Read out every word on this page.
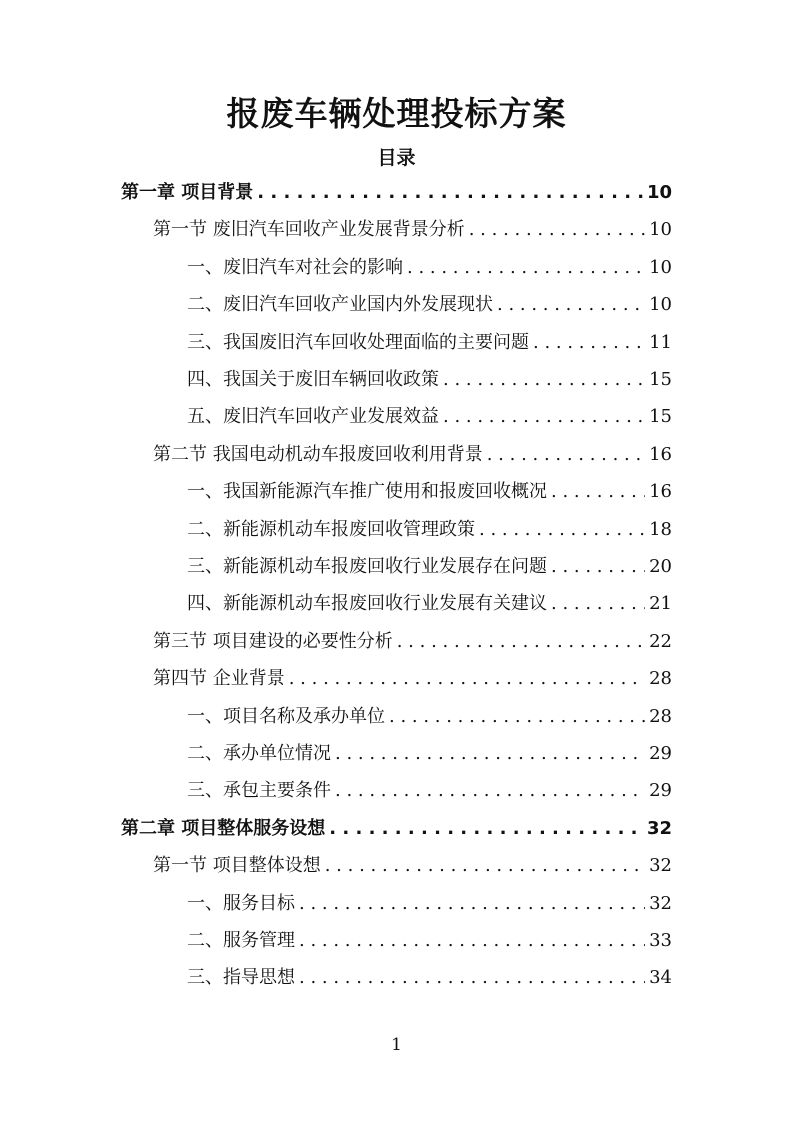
报废车辆处理投标方案
目录
第一章 项目背景 . . .	10
第一节 废旧汽车回收产业发展背景分析 . . .	10
一、废旧汽车对社会的影响 . . .	10
二、废旧汽车回收产业国内外发展现状 . . .	10
三、我国废旧汽车回收处理面临的主要问题 . . .	11
四、我国关于废旧车辆回收政策 . . .	15
五、废旧汽车回收产业发展效益 . . .	15
第二节 我国电动机动车报废回收利用背景 . . .	16
一、我国新能源汽车推广使用和报废回收概况 . . .	16
二、新能源机动车报废回收管理政策 . . .	18
三、新能源机动车报废回收行业发展存在问题 . . .	20
四、新能源机动车报废回收行业发展有关建议 . . .	21
第三节 项目建设的必要性分析 . . .	22
第四节 企业背景 . . .	28
一、项目名称及承办单位 . . .	28
二、承办单位情况 . . .	29
三、承包主要条件 . . .	29
第二章 项目整体服务设想 . . .	32
第一节 项目整体设想 . . .	32
一、服务目标 . . .	32
二、服务管理 . . .	33
三、指导思想 . . .	34
1
